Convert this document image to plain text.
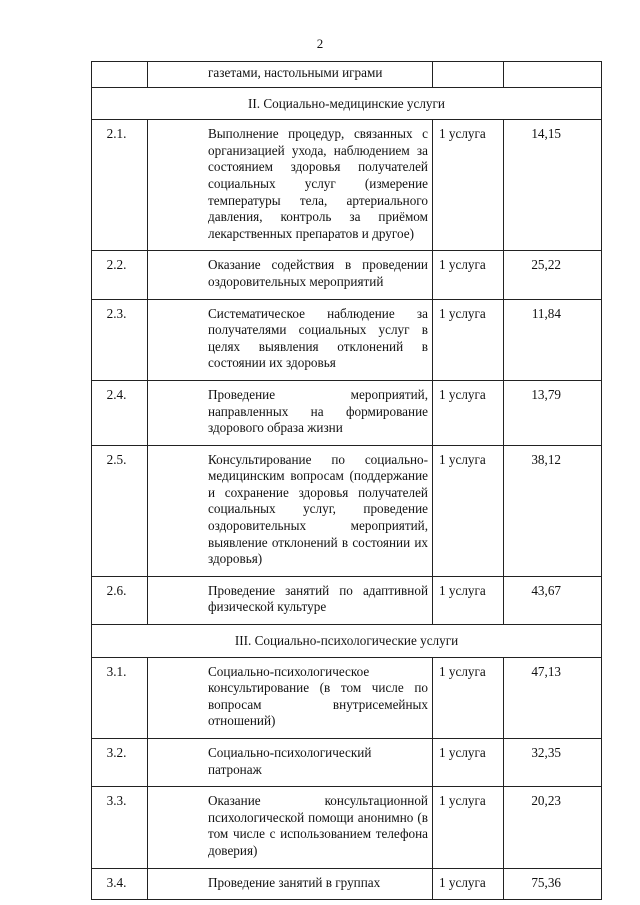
2
	газетами, настольными играми		
II. Социально-медицинские услуги			
2.1.	Выполнение процедур, связанных с организацией ухода, наблюдением за состоянием здоровья получателей социальных услуг (измерение температуры тела, артериального давления, контроль за приёмом лекарственных препаратов и другое)	1 услуга	14,15
2.2.	Оказание содействия в проведении оздоровительных мероприятий	1 услуга	25,22
2.3.	Систематическое наблюдение за получателями социальных услуг в целях выявления отклонений в состоянии их здоровья	1 услуга	11,84
2.4.	Проведение мероприятий, направленных на формирование здорового образа жизни	1 услуга	13,79
2.5.	Консультирование по социально-медицинским вопросам (поддержание и сохранение здоровья получателей социальных услуг, проведение оздоровительных мероприятий, выявление отклонений в состоянии их здоровья)	1 услуга	38,12
2.6.	Проведение занятий по адаптивной физической культуре	1 услуга	43,67
III. Социально-психологические услуги			
3.1.	Социально-психологическое консультирование (в том числе по вопросам внутрисемейных отношений)	1 услуга	47,13
3.2.	Социально-психологический патронаж	1 услуга	32,35
3.3.	Оказание консультационной психологической помощи анонимно (в том числе с использованием телефона доверия)	1 услуга	20,23
3.4.	Проведение занятий в группах	1 услуга	75,36
